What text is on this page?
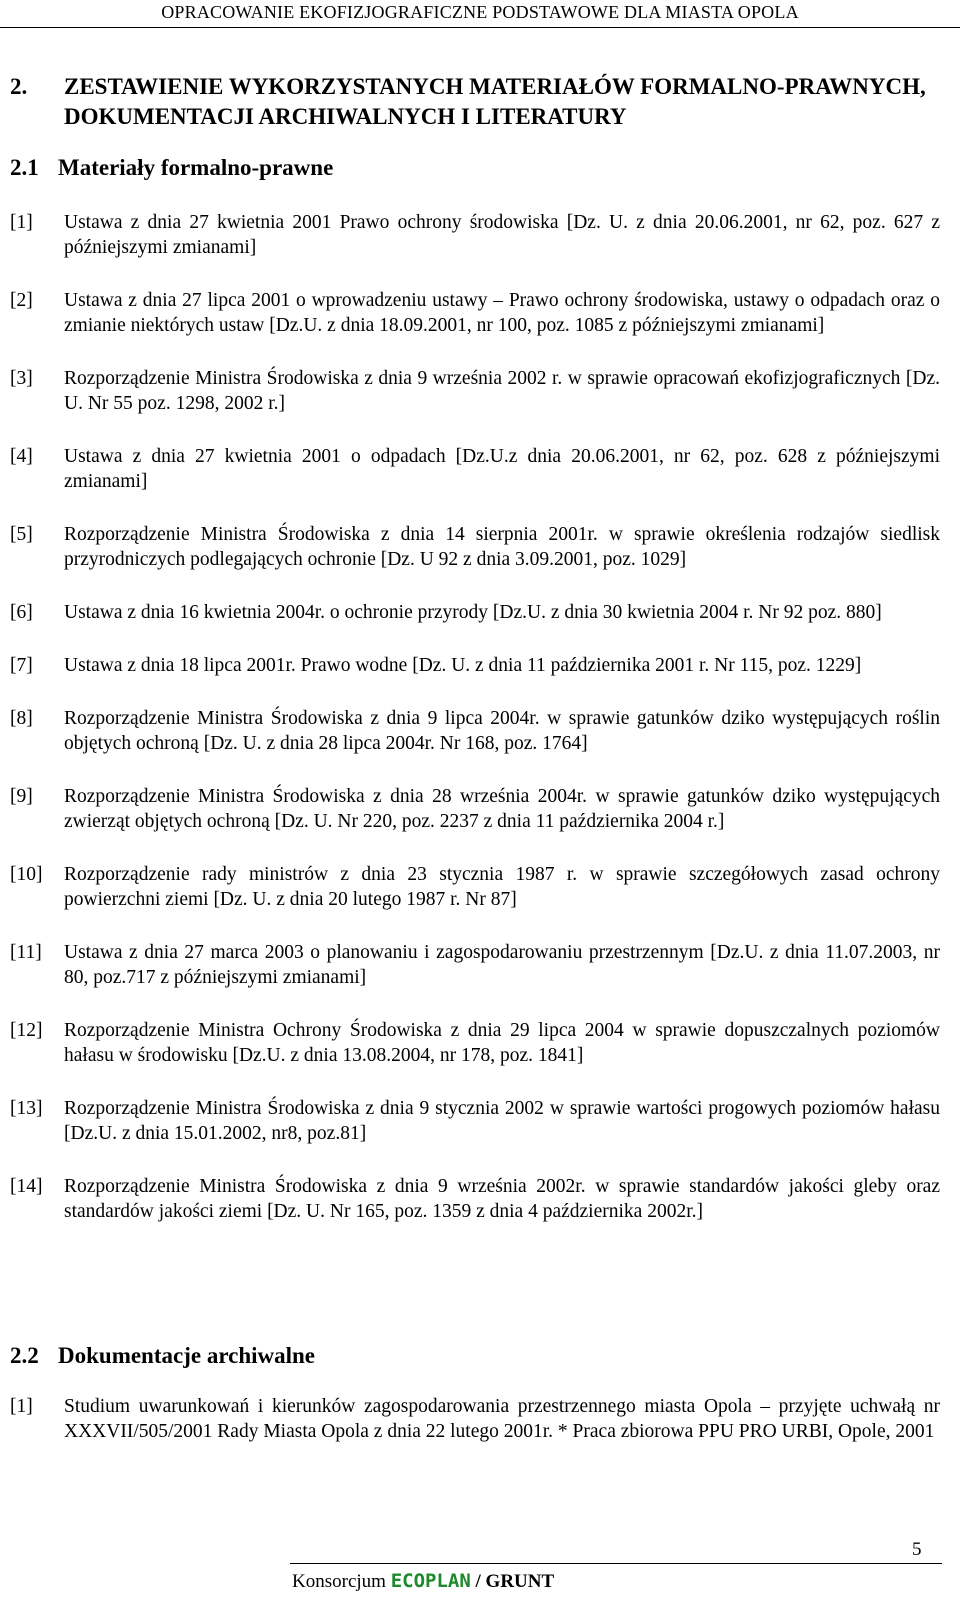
OPRACOWANIE EKOFIZJOGRAFICZNE PODSTAWOWE DLA MIASTA OPOLA
2. ZESTAWIENIE WYKORZYSTANYCH MATERIAŁÓW FORMALNO-PRAWNYCH, DOKUMENTACJI ARCHIWALNYCH I LITERATURY
2.1 Materiały formalno-prawne
[1] Ustawa z dnia 27 kwietnia 2001 Prawo ochrony środowiska [Dz. U. z dnia 20.06.2001, nr 62, poz. 627 z późniejszymi zmianami]
[2] Ustawa z dnia 27 lipca 2001 o wprowadzeniu ustawy – Prawo ochrony środowiska, ustawy o odpadach oraz o zmianie niektórych ustaw [Dz.U. z dnia 18.09.2001, nr 100, poz. 1085 z późniejszymi zmianami]
[3] Rozporządzenie Ministra Środowiska z dnia 9 września 2002 r. w sprawie opracowań ekofizjograficznych [Dz. U. Nr 55 poz. 1298, 2002 r.]
[4] Ustawa z dnia 27 kwietnia 2001 o odpadach [Dz.U.z dnia 20.06.2001, nr 62, poz. 628 z późniejszymi zmianami]
[5] Rozporządzenie Ministra Środowiska z dnia 14 sierpnia 2001r. w sprawie określenia rodzajów siedlisk przyrodniczych podlegających ochronie [Dz. U 92 z dnia 3.09.2001, poz. 1029]
[6] Ustawa z dnia 16 kwietnia 2004r. o ochronie przyrody [Dz.U. z dnia 30 kwietnia 2004 r. Nr 92 poz. 880]
[7] Ustawa z dnia 18 lipca 2001r. Prawo wodne [Dz. U. z dnia 11 października 2001 r. Nr 115, poz. 1229]
[8] Rozporządzenie Ministra Środowiska z dnia 9 lipca 2004r. w sprawie gatunków dziko występujących roślin objętych ochroną [Dz. U. z dnia 28 lipca 2004r. Nr 168, poz. 1764]
[9] Rozporządzenie Ministra Środowiska z dnia 28 września 2004r. w sprawie gatunków dziko występujących zwierząt objętych ochroną [Dz. U. Nr 220, poz. 2237 z dnia 11 października 2004 r.]
[10] Rozporządzenie rady ministrów z dnia 23 stycznia 1987 r. w sprawie szczegółowych zasad ochrony powierzchni ziemi [Dz. U. z dnia 20 lutego 1987 r. Nr 87]
[11] Ustawa z dnia 27 marca 2003 o planowaniu i zagospodarowaniu przestrzennym [Dz.U. z dnia 11.07.2003, nr 80, poz.717 z późniejszymi zmianami]
[12] Rozporządzenie Ministra Ochrony Środowiska z dnia 29 lipca 2004 w sprawie dopuszczalnych poziomów hałasu w środowisku [Dz.U. z dnia 13.08.2004, nr 178, poz. 1841]
[13] Rozporządzenie Ministra Środowiska z dnia 9 stycznia 2002 w sprawie wartości progowych poziomów hałasu [Dz.U. z dnia 15.01.2002, nr8, poz.81]
[14] Rozporządzenie Ministra Środowiska z dnia 9 września 2002r. w sprawie standardów jakości gleby oraz standardów jakości ziemi [Dz. U. Nr 165, poz. 1359 z dnia 4 października 2002r.]
2.2 Dokumentacje archiwalne
[1] Studium uwarunkowań i kierunków zagospodarowania przestrzennego miasta Opola – przyjęte uchwałą nr XXXVII/505/2001 Rady Miasta Opola z dnia 22 lutego 2001r. * Praca zbiorowa PPU PRO URBI, Opole, 2001
5
Konsorcjum ECOPLAN / GRUNT
